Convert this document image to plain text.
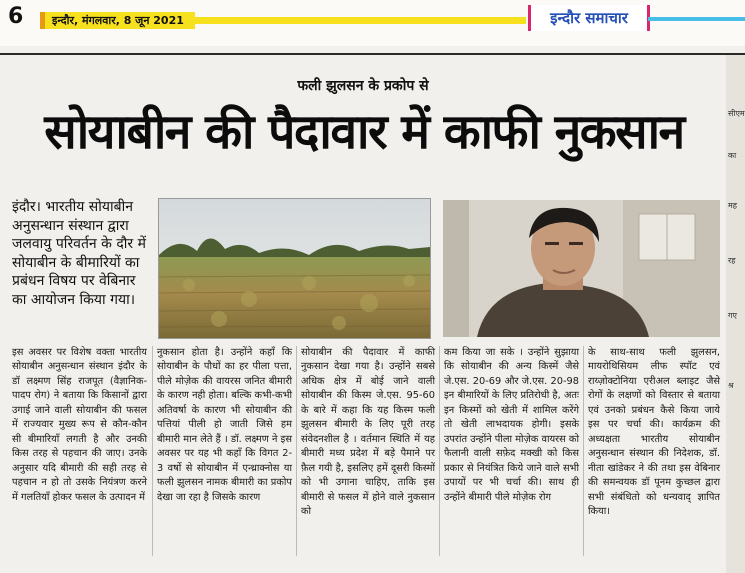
6	इन्दौर, मंगलवार, 8 जून 2021	इन्दौर समाचार
सीएम
का
मह
रह
गए
श्र
फली झुलसन के प्रकोप से
सोयाबीन की पैदावार में काफी नुकसान

इंदौर। भारतीय सोयाबीन अनुसन्धान संस्थान द्वारा जलवायु परिवर्तन के दौर में सोयाबीन के बीमारियों का प्रबंधन विषय पर वेबिनार का आयोजन किया गया।

इस अवसर पर विशेष वक्ता भारतीय सोयाबीन अनुसन्धान संस्थान इंदौर के डॉ लक्ष्मण सिंह राजपूत (वैज्ञानिक- पादप रोग) ने बताया कि किसानों द्वारा उगाई जाने वाली सोयाबीन की फसल में राज्यवार मुख्य रूप से कौन-कौन सी बीमारियाँ लगती है और उनकी किस तरह से पहचान की जाए। उनके अनुसार यदि बीमारी की सही तरह से पहचान न हो तो उसके नियंत्रण करने में गलतियाँ होकर फसल के उत्पादन में

नुकसान होता है। उन्होंने कहाँ कि सोयाबीन के पौधों का हर पीला पत्ता, पीले मोज़ेक की वायरस जनित बीमारी के कारण नही होता। बल्कि कभी-कभी अतिवर्षा के कारण भी सोयाबीन की पत्तियां पीली हो जाती जिसे हम बीमारी मान लेते हैं । डॉ. लक्ष्मण ने इस अवसर पर यह भी कहाँ कि विगत 2-3 वर्षो से सोयाबीन में एन्थ्राक्नोस या फली झुलसन नामक बीमारी का प्रकोप देखा जा रहा है जिसके कारण

सोयाबीन की पैदावार में काफी नुकसान देखा गया है। उन्होंने सबसे अधिक क्षेत्र में बोई जाने वाली सोयाबीन की किस्म जे.एस. 95-60 के बारे में कहा कि यह किस्म फली झुलसन बीमारी के लिए पूरी तरह संवेदनशील है । वर्तमान स्थिति में यह बीमारी मध्य प्रदेश में बड़े पैमाने पर फ़ैल गयी है, इसलिए हमें दूसरी किस्मों को भी उगाना चाहिए, ताकि इस बीमारी से फसल में होने वाले नुकसान को

कम किया जा सके । उन्होंने सुझाया कि सोयाबीन की अन्य किस्में जैसे जे.एस. 20-69 और जे.एस. 20-98 इन बीमारियों के लिए प्रतिरोधी है, अतः इन किस्मों को खेती में शामिल करेंगे तो खेती लाभदायक होगी। इसके उपरांत उन्होंने पीला मोज़ेक वायरस को फैलानी वाली सफ़ेद मक्खी को किस प्रकार से नियंत्रित किये जाने वाले सभी उपायों पर भी चर्चा की। साथ ही उन्होंने बीमारी पीले मोज़ेक रोग

के साथ-साथ फली झुलसन, मायरोथिसियम लीफ स्पॉट एवं राय्ज़ोक्टोनिया एरीअल ब्लाइट जैसे रोगों के लक्षणों को विस्तार से बताया एवं उनको प्रबंधन कैसे किया जाये इस पर चर्चा की। कार्यक्रम की अध्यक्षता भारतीय सोयाबीन अनुसन्धान संस्थान की निदेशक, डॉ. नीता खांडेकर ने की तथा इस वेबिनार की समन्वयक डॉ पूनम कुच्छल द्वारा सभी संबंधितो को धन्यवाद् ज्ञापित किया।
